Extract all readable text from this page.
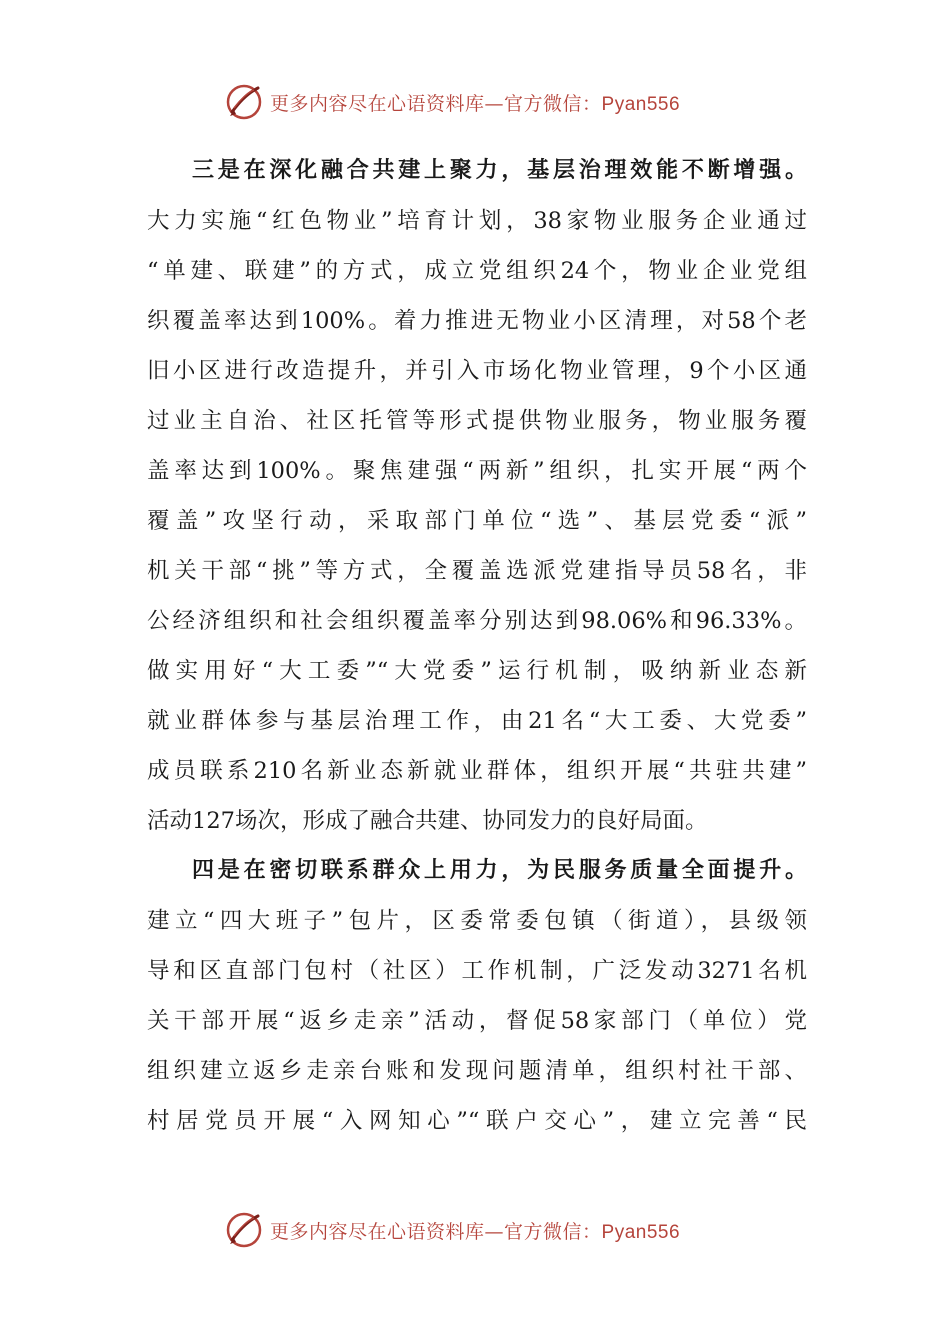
更多内容尽在心语资料库—官方微信：Pyan556
三是在深化融合共建上聚力，基层治理效能不断增强。
大力实施“红色物业”培育计划，38家物业服务企业通过
“单建、联建”的方式，成立党组织24个，物业企业党组
织覆盖率达到100%。着力推进无物业小区清理，对58个老
旧小区进行改造提升，并引入市场化物业管理，9个小区通
过业主自治、社区托管等形式提供物业服务，物业服务覆
盖率达到100%。聚焦建强“两新”组织，扎实开展“两个
覆盖”攻坚行动，采取部门单位“选”、基层党委“派”
机关干部“挑”等方式，全覆盖选派党建指导员58名，非
公经济组织和社会组织覆盖率分别达到98.06%和96.33%。
做实用好“大工委”“大党委”运行机制，吸纳新业态新
就业群体参与基层治理工作，由21名“大工委、大党委”
成员联系210名新业态新就业群体，组织开展“共驻共建”
活动127场次，形成了融合共建、协同发力的良好局面。
四是在密切联系群众上用力，为民服务质量全面提升。
建立“四大班子”包片，区委常委包镇（街道），县级领
导和区直部门包村（社区）工作机制，广泛发动3271名机
关干部开展“返乡走亲”活动，督促58家部门（单位）党
组织建立返乡走亲台账和发现问题清单，组织村社干部、
村居党员开展“入网知心”“联户交心”，建立完善“民
更多内容尽在心语资料库—官方微信：Pyan556
